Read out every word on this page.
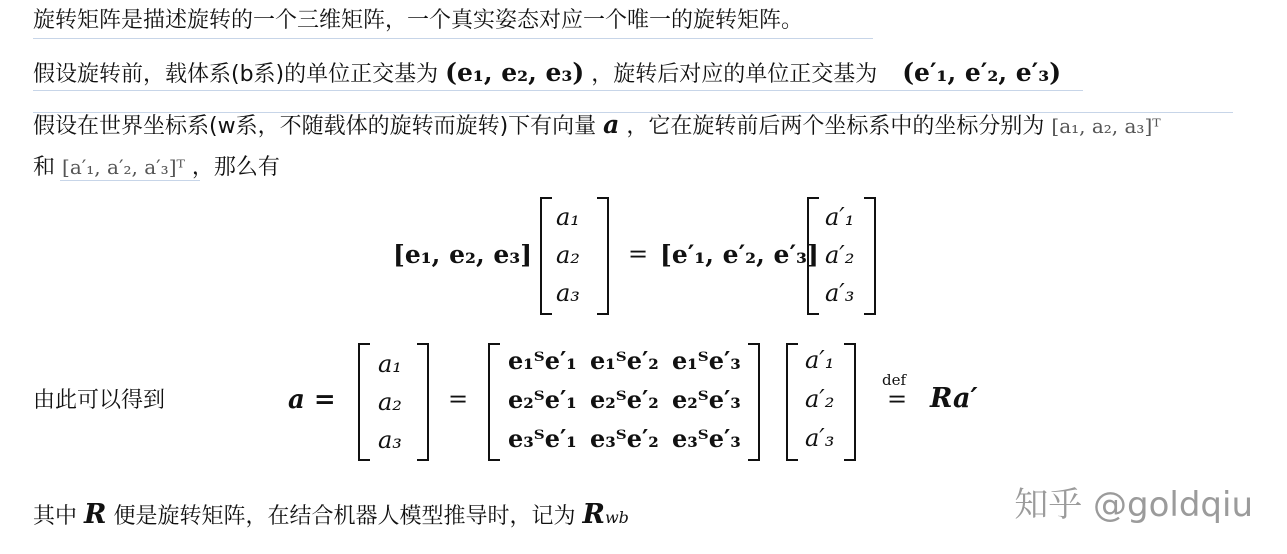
旋转矩阵是描述旋转的一个三维矩阵，一个真实姿态对应一个唯一的旋转矩阵。
假设旋转前，载体系(b系)的单位正交基为 (e₁, e₂, e₃) ，旋转后对应的单位正交基为 (e′₁, e′₂, e′₃)
假设在世界坐标系(w系，不随载体的旋转而旋转)下有向量 a ，它在旋转前后两个坐标系中的坐标分别为 [a₁, a₂, a₃]ᵀ
和 [a′₁, a′₂, a′₃]ᵀ ，那么有
[e₁, e₂, e₃]
a₁
a₂
a₃
= [e′₁, e′₂, e′₃]
a′₁
a′₂
a′₃
由此可以得到	a =
a₁
a₂
a₃
=
e₁ᵀe′₁ e₁ᵀe′₂ e₁ᵀe′₃
e₂ᵀe′₁ e₂ᵀe′₂ e₂ᵀe′₃
e₃ᵀe′₁ e₃ᵀe′₂ e₃ᵀe′₃
a′₁
a′₂
a′₃
def
= Ra′
其中 R 便是旋转矩阵，在结合机器人模型推导时，记为 Rwb	知乎 @goldqiu
